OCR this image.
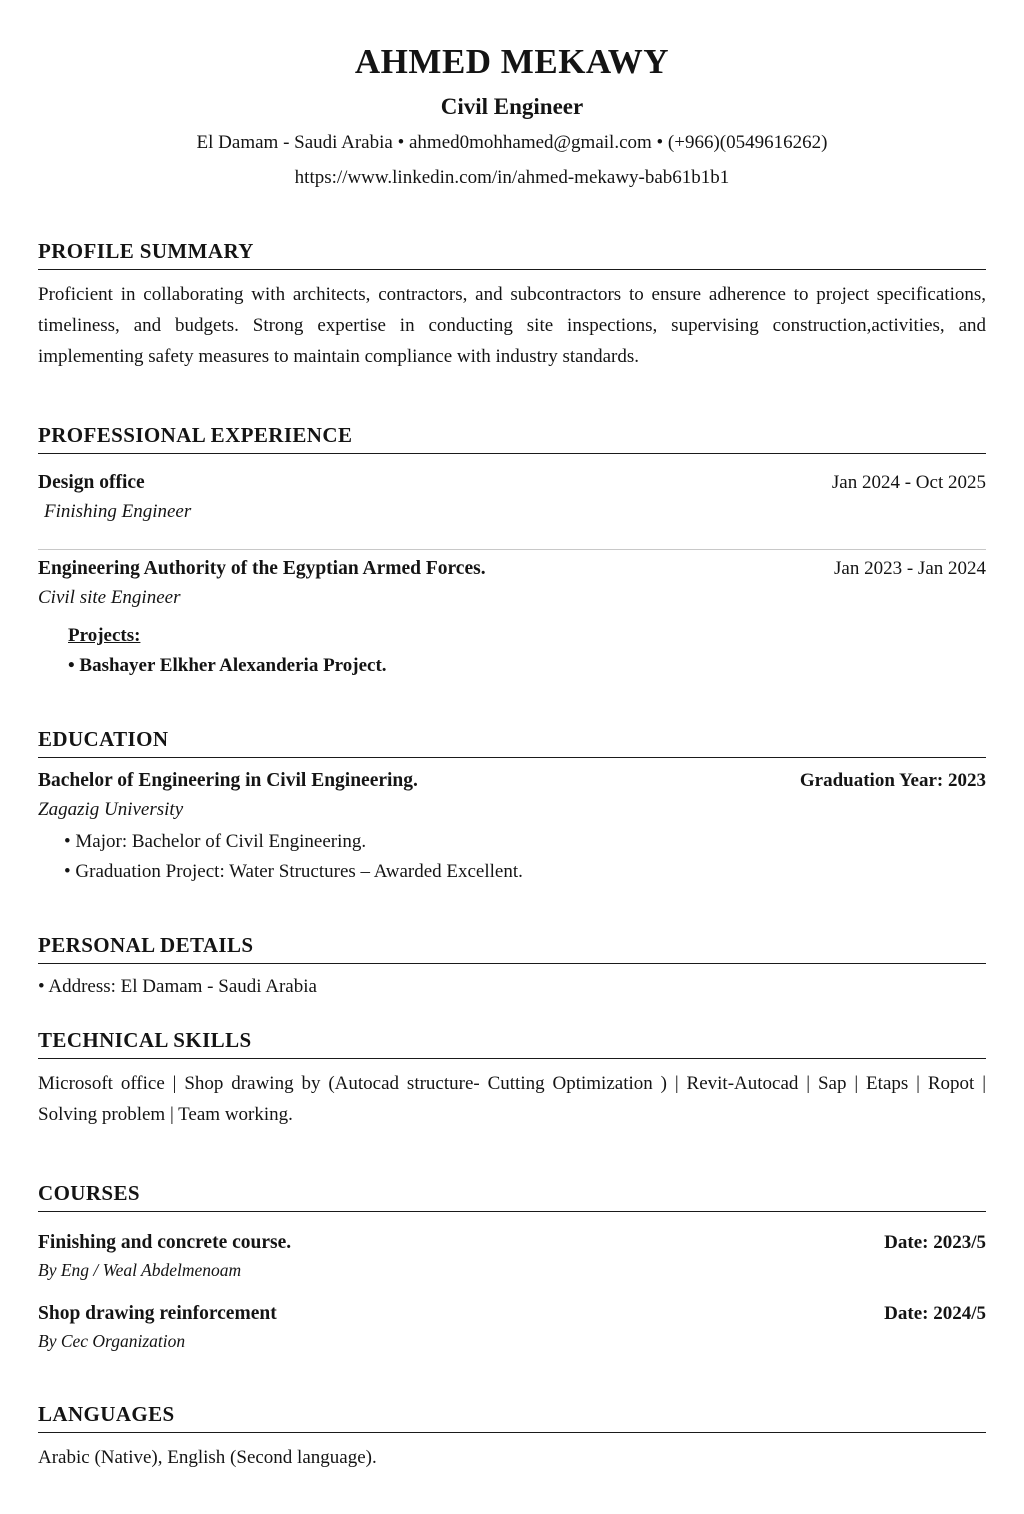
AHMED MEKAWY
Civil Engineer
El Damam - Saudi Arabia • ahmed0mohhamed@gmail.com • (+966)(0549616262)
https://www.linkedin.com/in/ahmed-mekawy-bab61b1b1
PROFILE SUMMARY

Proficient in collaborating with architects, contractors, and subcontractors to ensure adherence to project specifications, timeliness, and budgets. Strong expertise in conducting site inspections, supervising construction,activities, and implementing safety measures to maintain compliance with industry standards.

PROFESSIONAL EXPERIENCE
Design office	Jan 2024 - Oct 2025
Finishing Engineer
Engineering Authority of the Egyptian Armed Forces.	Jan 2023 - Jan 2024
Civil site Engineer
Projects:
• Bashayer Elkher Alexanderia Project.
EDUCATION
Bachelor of Engineering in Civil Engineering.	Graduation Year: 2023
Zagazig University

• Major: Bachelor of Civil Engineering.

• Graduation Project: Water Structures – Awarded Excellent.

PERSONAL DETAILS

• Address: El Damam - Saudi Arabia

TECHNICAL SKILLS

Microsoft office | Shop drawing by (Autocad structure- Cutting Optimization ) | Revit-Autocad | Sap | Etaps | Ropot | Solving problem | Team working.

COURSES
Finishing and concrete course.	Date: 2023/5
By Eng / Weal Abdelmenoam
Shop drawing reinforcement	Date: 2024/5
By Cec Organization
LANGUAGES

Arabic (Native), English (Second language).
